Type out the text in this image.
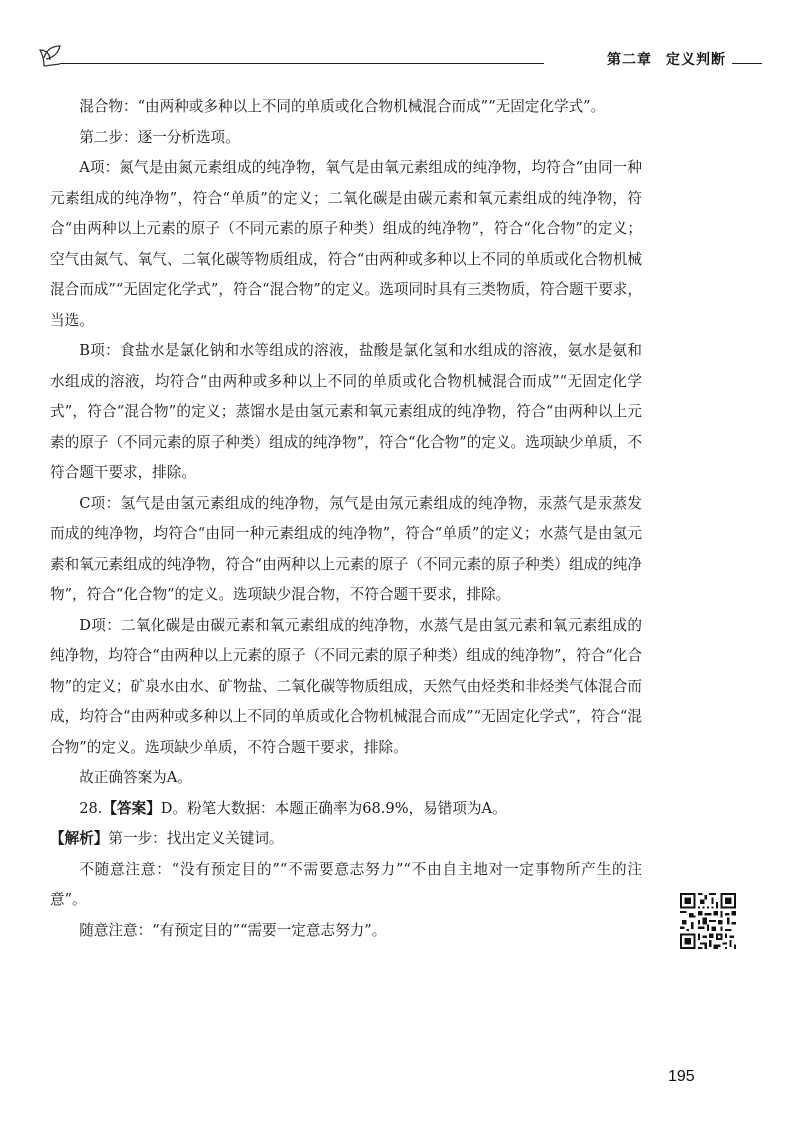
第二章 定义判断

混合物：“由两种或多种以上不同的单质或化合物机械混合而成”“无固定化学式”。

第二步：逐一分析选项。

A项：氮气是由氮元素组成的纯净物，氧气是由氧元素组成的纯净物，均符合“由同一种元素组成的纯净物”，符合“单质”的定义；二氧化碳是由碳元素和氧元素组成的纯净物，符合“由两种以上元素的原子（不同元素的原子种类）组成的纯净物”，符合“化合物”的定义；空气由氮气、氧气、二氧化碳等物质组成，符合“由两种或多种以上不同的单质或化合物机械混合而成”“无固定化学式”，符合“混合物”的定义。选项同时具有三类物质，符合题干要求，当选。

B项：食盐水是氯化钠和水等组成的溶液，盐酸是氯化氢和水组成的溶液，氨水是氨和水组成的溶液，均符合“由两种或多种以上不同的单质或化合物机械混合而成”“无固定化学式”，符合“混合物”的定义；蒸馏水是由氢元素和氧元素组成的纯净物，符合“由两种以上元素的原子（不同元素的原子种类）组成的纯净物”，符合“化合物”的定义。选项缺少单质，不符合题干要求，排除。

C项：氢气是由氢元素组成的纯净物，氖气是由氖元素组成的纯净物，汞蒸气是汞蒸发而成的纯净物，均符合“由同一种元素组成的纯净物”，符合“单质”的定义；水蒸气是由氢元素和氧元素组成的纯净物，符合“由两种以上元素的原子（不同元素的原子种类）组成的纯净物”，符合“化合物”的定义。选项缺少混合物，不符合题干要求，排除。

D项：二氧化碳是由碳元素和氧元素组成的纯净物，水蒸气是由氢元素和氧元素组成的纯净物，均符合“由两种以上元素的原子（不同元素的原子种类）组成的纯净物”，符合“化合物”的定义；矿泉水由水、矿物盐、二氧化碳等物质组成，天然气由烃类和非烃类气体混合而成，均符合“由两种或多种以上不同的单质或化合物机械混合而成”“无固定化学式”，符合“混合物”的定义。选项缺少单质，不符合题干要求，排除。

故正确答案为A。

28.【答案】D。粉笔大数据：本题正确率为68.9%，易错项为A。

【解析】第一步：找出定义关键词。

不随意注意：“没有预定目的”“不需要意志努力”“不由自主地对一定事物所产生的注意”。

随意注意：“有预定目的”“需要一定意志努力”。

195
